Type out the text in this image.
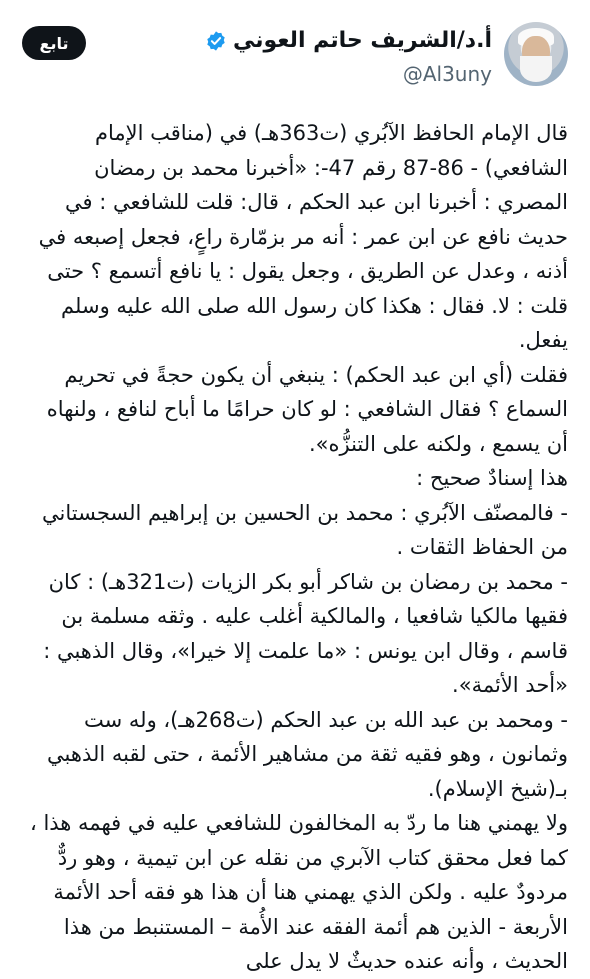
أ.د/الشريف حاتم العوني
@Al3uny
تابع

قال الإمام الحافظ الآبُري (ت363هـ) في (مناقب الإمام الشافعي) - 86-87 رقم 47-: «أخبرنا محمد بن رمضان المصري : أخبرنا ابن عبد الحكم ، قال: قلت للشافعي : في حديث نافع عن ابن عمر : أنه مر بزمّارة راعٍ، فجعل إصبعه في أذنه ، وعدل عن الطريق ، وجعل يقول : يا نافع أتسمع ؟ حتى قلت : لا. فقال : هكذا كان رسول الله صلى الله عليه وسلم يفعل.

فقلت (أي ابن عبد الحكم) : ينبغي أن يكون حجةً في تحريم السماع ؟ فقال الشافعي : لو كان حرامًا ما أباح لنافع ، ولنهاه أن يسمع ، ولكنه على التنزُّه».

هذا إسنادٌ صحيح :

- فالمصنّف الآبُري : محمد بن الحسين بن إبراهيم السجستاني من الحفاظ الثقات .

- محمد بن رمضان بن شاكر أبو بكر الزيات (ت321هـ) : كان فقيها مالكيا شافعيا ، والمالكية أغلب عليه . وثقه مسلمة بن قاسم ، وقال ابن يونس : «ما علمت إلا خيرا»، وقال الذهبي : «أحد الأئمة».

- ومحمد بن عبد الله بن عبد الحكم (ت268هـ)، وله ست وثمانون ، وهو فقيه ثقة من مشاهير الأئمة ، حتى لقبه الذهبي بـ(شيخ الإسلام).

ولا يهمني هنا ما ردّ به المخالفون للشافعي عليه في فهمه هذا ، كما فعل محقق كتاب الآبري من نقله عن ابن تيمية ، وهو ردٌّ مردودٌ عليه . ولكن الذي يهمني هنا أن هذا هو فقه أحد الأئمة الأربعة - الذين هم أئمة الفقه عند الأُمة – المستنبط من هذا الحديث ، وأنه عنده حديثٌ لا يدل على
